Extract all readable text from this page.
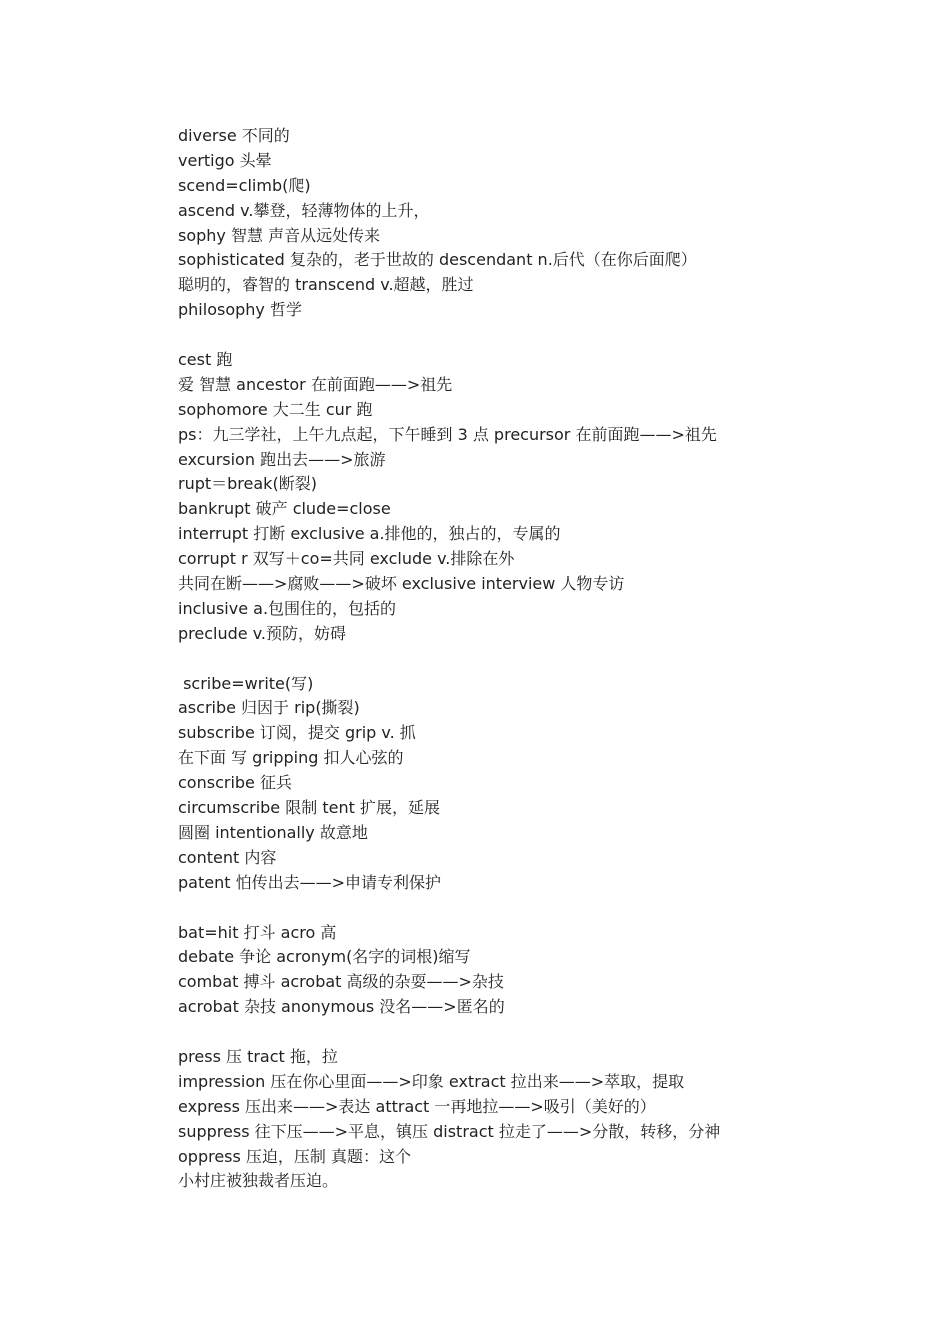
diverse 不同的
vertigo 头晕
scend=climb(爬)
ascend v.攀登，轻薄物体的上升，
sophy 智慧 声音从远处传来
sophisticated 复杂的，老于世故的 descendant n.后代（在你后面爬）
聪明的，睿智的 transcend v.超越，胜过
philosophy 哲学
cest 跑
爱 智慧 ancestor 在前面跑——>祖先
sophomore 大二生 cur 跑
ps：九三学社，上午九点起，下午睡到 3 点 precursor 在前面跑——>祖先
excursion 跑出去——>旅游
rupt＝break(断裂)
bankrupt 破产 clude=close
interrupt 打断 exclusive a.排他的，独占的，专属的
corrupt r 双写＋co=共同 exclude v.排除在外
共同在断——>腐败——>破坏 exclusive interview 人物专访
inclusive a.包围住的，包括的
preclude v.预防，妨碍
scribe=write(写)
ascribe 归因于 rip(撕裂)
subscribe 订阅，提交 grip v. 抓
在下面 写 gripping 扣人心弦的
conscribe 征兵
circumscribe 限制 tent 扩展，延展
圆圈 intentionally 故意地
content 内容
patent 怕传出去——>申请专利保护
bat=hit 打斗 acro 高
debate 争论 acronym(名字的词根)缩写
combat 搏斗 acrobat 高级的杂耍——>杂技
acrobat 杂技 anonymous 没名——>匿名的
press 压 tract 拖，拉
impression 压在你心里面——>印象 extract 拉出来——>萃取，提取
express 压出来——>表达 attract 一再地拉——>吸引（美好的）
suppress 往下压——>平息，镇压 distract 拉走了——>分散，转移，分神
oppress 压迫，压制 真题：这个
小村庄被独裁者压迫。
